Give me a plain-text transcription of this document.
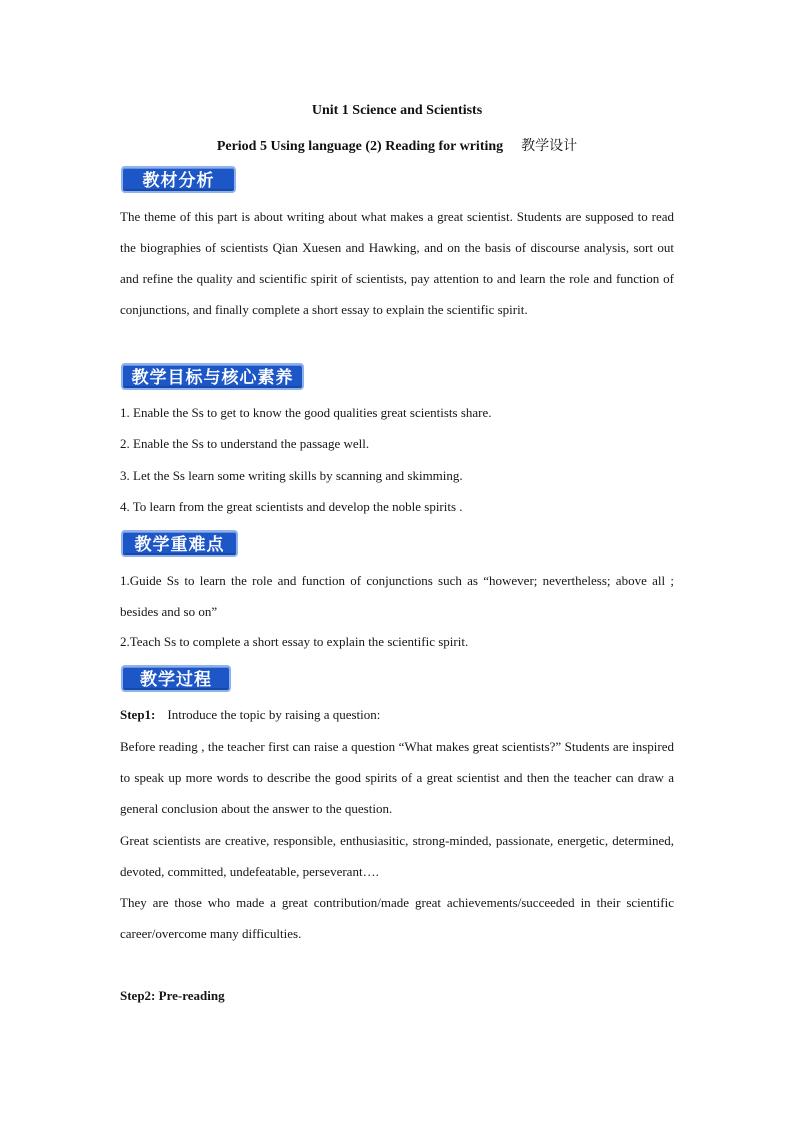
Unit 1 Science and Scientists
Period 5 Using language (2) Reading for writing 教学设计
教材分析
The theme of this part is about writing about what makes a great scientist. Students are supposed to read the biographies of scientists Qian Xuesen and Hawking, and on the basis of discourse analysis, sort out and refine the quality and scientific spirit of scientists, pay attention to and learn the role and function of conjunctions, and finally complete a short essay to explain the scientific spirit.
教学目标与核心素养
1. Enable the Ss to get to know the good qualities great scientists share.
2. Enable the Ss to understand the passage well.
3. Let the Ss learn some writing skills by scanning and skimming.
4. To learn from the great scientists and develop the noble spirits .
教学重难点
1.Guide Ss to learn the role and function of conjunctions such as “however; nevertheless; above all ; besides and so on”
2.Teach Ss to complete a short essay to explain the scientific spirit.
教学过程
Step1: Introduce the topic by raising a question:
Before reading , the teacher first can raise a question “What makes great scientists?” Students are inspired to speak up more words to describe the good spirits of a great scientist and then the teacher can draw a general conclusion about the answer to the question.
Great scientists are creative, responsible, enthusiasitic, strong-minded, passionate, energetic, determined, devoted, committed, undefeatable, perseverant….
They are those who made a great contribution/made great achievements/succeeded in their scientific career/overcome many difficulties.
Step2: Pre-reading
